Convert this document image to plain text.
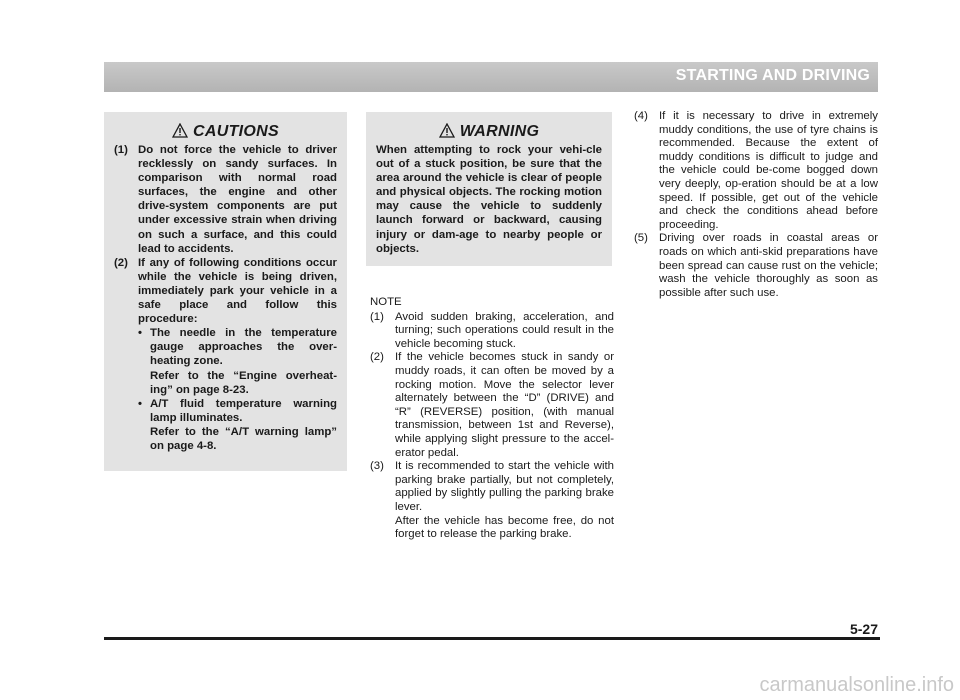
STARTING AND DRIVING
CAUTIONS
(1) Do not force the vehicle to driver recklessly on sandy surfaces. In comparison with normal road surfaces, the engine and other drive-system components are put under excessive strain when driving on such a surface, and this could lead to accidents.
(2) If any of following conditions occur while the vehicle is being driven, immediately park your vehicle in a safe place and follow this procedure:
• The needle in the temperature gauge approaches the over-heating zone.
Refer to the “Engine overheat-ing” on page 8-23.
• A/T fluid temperature warning lamp illuminates.
Refer to the “A/T warning lamp” on page 4-8.
WARNING
When attempting to rock your vehi-cle out of a stuck position, be sure that the area around the vehicle is clear of people and physical objects. The rocking motion may cause the vehicle to suddenly launch forward or backward, causing injury or dam-age to nearby people or objects.
NOTE
(1) Avoid sudden braking, acceleration, and turning; such operations could result in the vehicle becoming stuck.
(2) If the vehicle becomes stuck in sandy or muddy roads, it can often be moved by a rocking motion. Move the selector lever alternately between the “D” (DRIVE) and “R” (REVERSE) position, (with manual transmission, between 1st and Reverse), while applying slight pressure to the accel-erator pedal.
(3) It is recommended to start the vehicle with parking brake partially, but not completely, applied by slightly pulling the parking brake lever.
After the vehicle has become free, do not forget to release the parking brake.
(4) If it is necessary to drive in extremely muddy conditions, the use of tyre chains is recommended. Because the extent of muddy conditions is difficult to judge and the vehicle could be-come bogged down very deeply, op-eration should be at a low speed. If possible, get out of the vehicle and check the conditions ahead before proceeding.
(5) Driving over roads in coastal areas or roads on which anti-skid preparations have been spread can cause rust on the vehicle; wash the vehicle thoroughly as soon as possible after such use.
5-27
carmanualsonline.info
